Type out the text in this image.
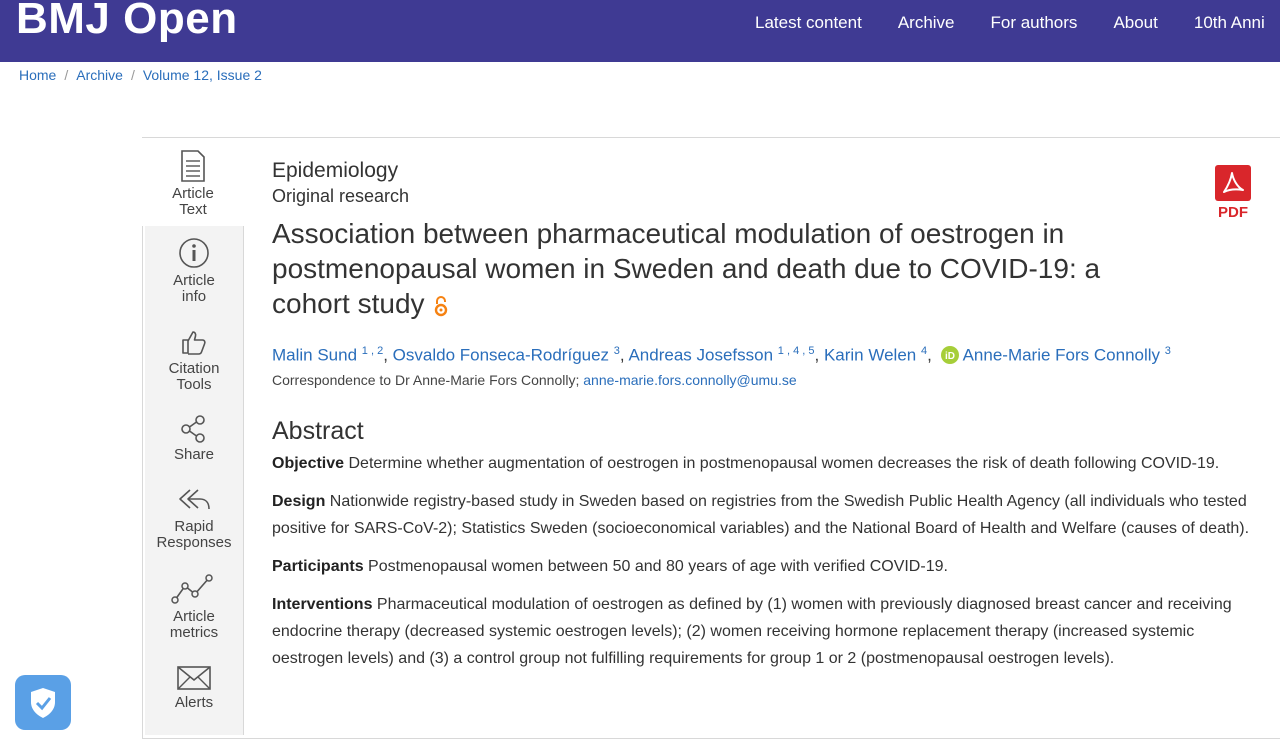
BMJ Open	Latest content	Archive	For authors	About	10th Anni
Home / Archive / Volume 12, Issue 2
Article
info
Citation
Tools
Share
Rapid
Responses
Article
metrics
Alerts
Article
Text	PDF
Epidemiology
Original research
Association between pharmaceutical modulation of oestrogen in postmenopausal women in Sweden and death due to COVID-19: a cohort study
Malin Sund $^{1 , 2}$, Osvaldo Fonseca-Rodríguez $^3$, Andreas Josefsson $^{1 , 4 , 5}$, Karin Welen $^4$, iD Anne-Marie Fors Connolly $^3$
Correspondence to Dr Anne-Marie Fors Connolly; anne-marie.fors.connolly@umu.se
Abstract

Objective Determine whether augmentation of oestrogen in postmenopausal women decreases the risk of death following COVID-19.

Design Nationwide registry-based study in Sweden based on registries from the Swedish Public Health Agency (all individuals who tested positive for SARS-CoV-2); Statistics Sweden (socioeconomical variables) and the National Board of Health and Welfare (causes of death).

Participants Postmenopausal women between 50 and 80 years of age with verified COVID-19.

Interventions Pharmaceutical modulation of oestrogen as defined by (1) women with previously diagnosed breast cancer and receiving endocrine therapy (decreased systemic oestrogen levels); (2) women receiving hormone replacement therapy (increased systemic oestrogen levels) and (3) a control group not fulfilling requirements for group 1 or 2 (postmenopausal oestrogen levels).
